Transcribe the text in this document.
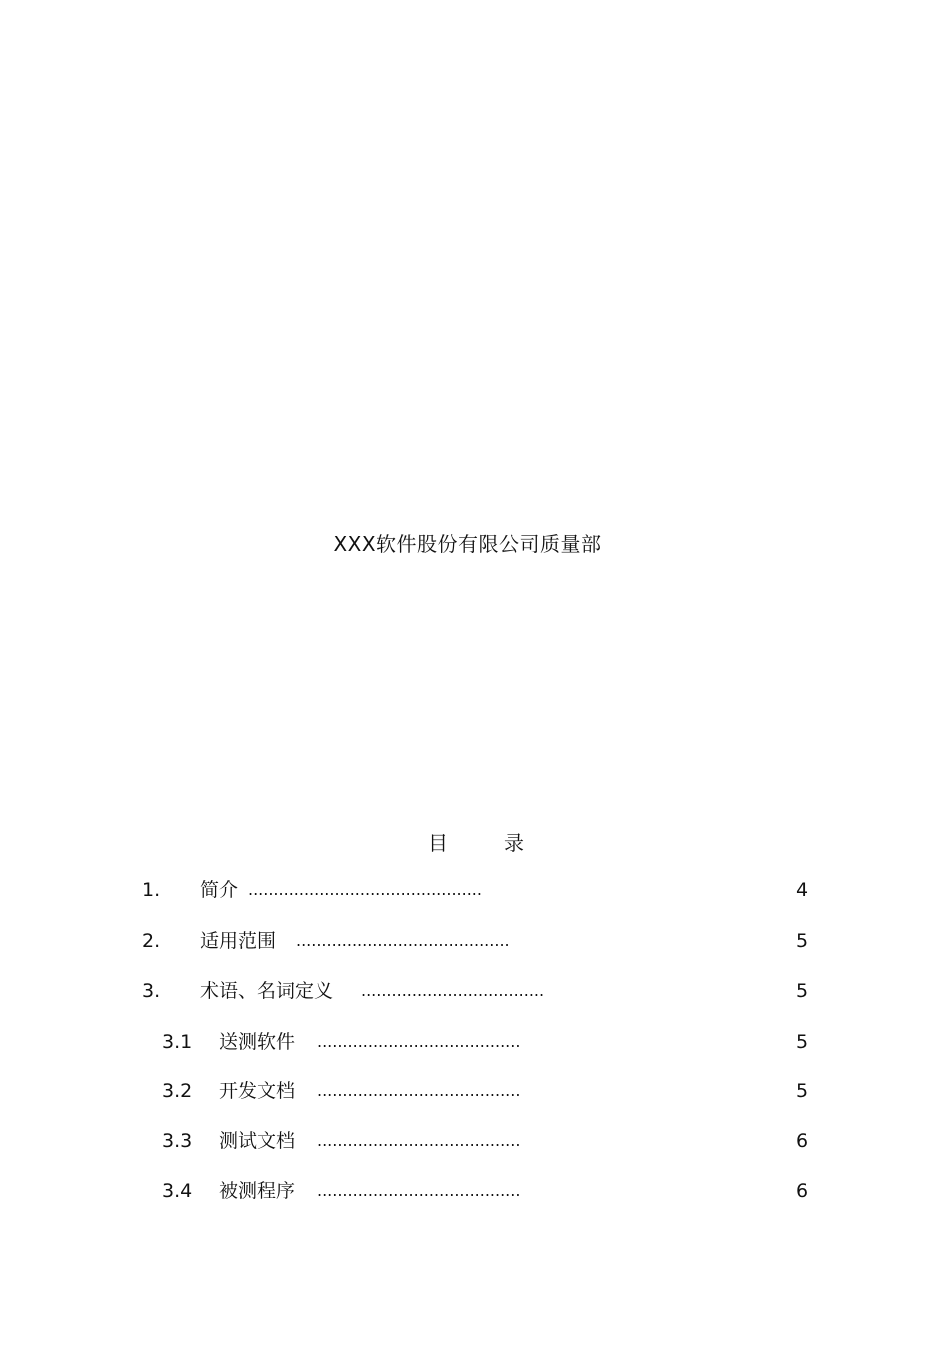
XXX软件股份有限公司质量部
目	录
1. 简介 ..............................................	4
2. 适用范围 ..........................................	5
3. 术语、名词定义 ....................................	5
3.1 送测软件 ........................................	5
3.2 开发文档 ........................................	5
3.3 测试文档 ........................................	6
3.4 被测程序 ........................................	6
